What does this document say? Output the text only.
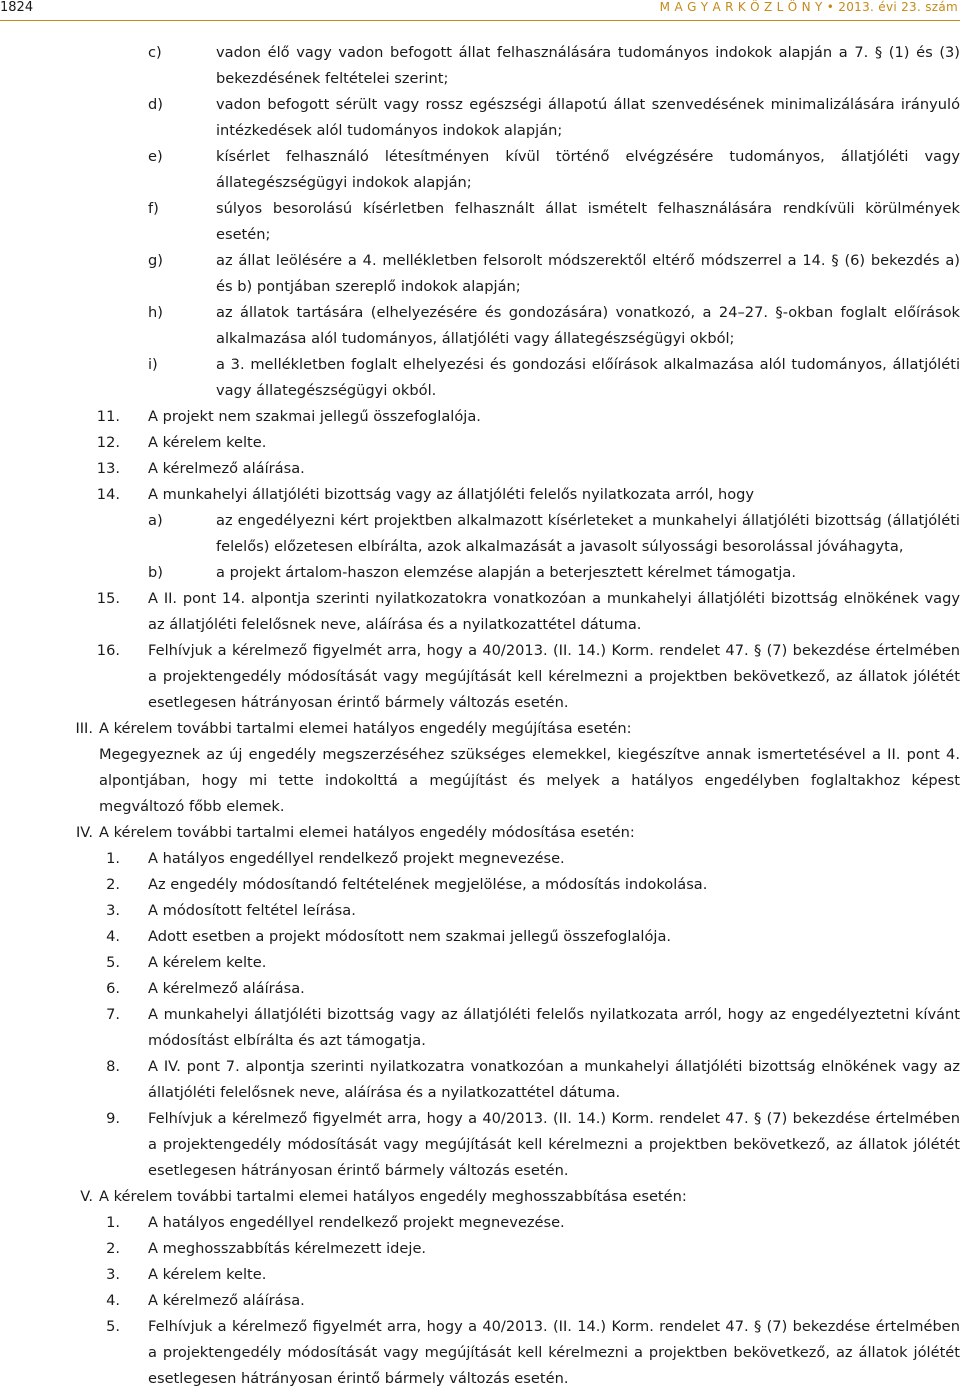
1824	M A G Y A R K Ö Z L Ö N Y • 2013. évi 23. szám
c)	vadon élő vagy vadon befogott állat felhasználására tudományos indokok alapján a 7. § (1) és (3) bekezdésének feltételei szerint;
d)	vadon befogott sérült vagy rossz egészségi állapotú állat szenvedésének minimalizálására irányuló intézkedések alól tudományos indokok alapján;
e)	kísérlet felhasználó létesítményen kívül történő elvégzésére tudományos, állatjóléti vagy állategészségügyi indokok alapján;
f)	súlyos besorolású kísérletben felhasznált állat ismételt felhasználására rendkívüli körülmények esetén;
g)	az állat leölésére a 4. mellékletben felsorolt módszerektől eltérő módszerrel a 14. § (6) bekezdés a) és b) pontjában szereplő indokok alapján;
h)	az állatok tartására (elhelyezésére és gondozására) vonatkozó, a 24–27. §-okban foglalt előírások alkalmazása alól tudományos, állatjóléti vagy állategészségügyi okból;
i)	a 3. mellékletben foglalt elhelyezési és gondozási előírások alkalmazása alól tudományos, állatjóléti vagy állategészségügyi okból.
11. A projekt nem szakmai jellegű összefoglalója.
12. A kérelem kelte.
13. A kérelmező aláírása.
14. A munkahelyi állatjóléti bizottság vagy az állatjóléti felelős nyilatkozata arról, hogy
a)	az engedélyezni kért projektben alkalmazott kísérleteket a munkahelyi állatjóléti bizottság (állatjóléti felelős) előzetesen elbírálta, azok alkalmazását a javasolt súlyossági besorolással jóváhagyta,
b)	a projekt ártalom-haszon elemzése alapján a beterjesztett kérelmet támogatja.
15. A II. pont 14. alpontja szerinti nyilatkozatokra vonatkozóan a munkahelyi állatjóléti bizottság elnökének vagy az állatjóléti felelősnek neve, aláírása és a nyilatkozattétel dátuma.
16. Felhívjuk a kérelmező figyelmét arra, hogy a 40/2013. (II. 14.) Korm. rendelet 47. § (7) bekezdése értelmében a projektengedély módosítását vagy megújítását kell kérelmezni a projektben bekövetkező, az állatok jólétét esetlegesen hátrányosan érintő bármely változás esetén.
III. A kérelem további tartalmi elemei hatályos engedély megújítása esetén:
Megegyeznek az új engedély megszerzéséhez szükséges elemekkel, kiegészítve annak ismertetésével a II. pont 4. alpontjában, hogy mi tette indokolttá a megújítást és melyek a hatályos engedélyben foglaltakhoz képest megváltozó főbb elemek.
IV. A kérelem további tartalmi elemei hatályos engedély módosítása esetén:
1. A hatályos engedéllyel rendelkező projekt megnevezése.
2. Az engedély módosítandó feltételének megjelölése, a módosítás indokolása.
3. A módosított feltétel leírása.
4. Adott esetben a projekt módosított nem szakmai jellegű összefoglalója.
5. A kérelem kelte.
6. A kérelmező aláírása.
7. A munkahelyi állatjóléti bizottság vagy az állatjóléti felelős nyilatkozata arról, hogy az engedélyeztetni kívánt módosítást elbírálta és azt támogatja.
8. A IV. pont 7. alpontja szerinti nyilatkozatra vonatkozóan a munkahelyi állatjóléti bizottság elnökének vagy az állatjóléti felelősnek neve, aláírása és a nyilatkozattétel dátuma.
9. Felhívjuk a kérelmező figyelmét arra, hogy a 40/2013. (II. 14.) Korm. rendelet 47. § (7) bekezdése értelmében a projektengedély módosítását vagy megújítását kell kérelmezni a projektben bekövetkező, az állatok jólétét esetlegesen hátrányosan érintő bármely változás esetén.
V. A kérelem további tartalmi elemei hatályos engedély meghosszabbítása esetén:
1. A hatályos engedéllyel rendelkező projekt megnevezése.
2. A meghosszabbítás kérelmezett ideje.
3. A kérelem kelte.
4. A kérelmező aláírása.
5. Felhívjuk a kérelmező figyelmét arra, hogy a 40/2013. (II. 14.) Korm. rendelet 47. § (7) bekezdése értelmében a projektengedély módosítását vagy megújítását kell kérelmezni a projektben bekövetkező, az állatok jólétét esetlegesen hátrányosan érintő bármely változás esetén.
